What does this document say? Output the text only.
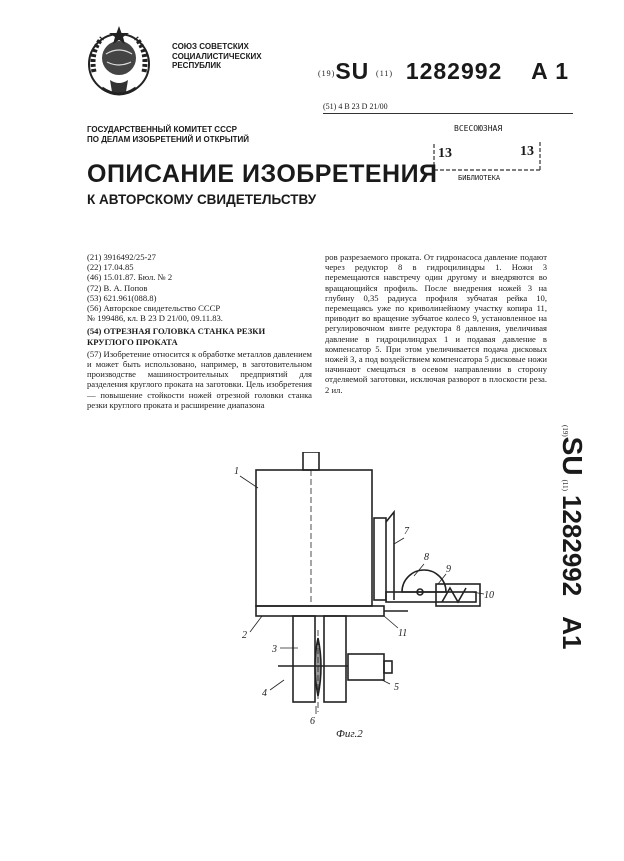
СОЮЗ СОВЕТСКИХ
СОЦИАЛИСТИЧЕСКИХ
РЕСПУБЛИК
(19)SU (11) 1282992 A 1
(51) 4 В 23 D 21/00
ГОСУДАРСТВЕННЫЙ КОМИТЕТ СССР
ПО ДЕЛАМ ИЗОБРЕТЕНИЙ И ОТКРЫТИЙ
ВСЕСОЮЗНАЯ
13	13
БИБЛИОТЕКА
ОПИСАНИЕ ИЗОБРЕТЕНИЯ
К АВТОРСКОМУ СВИДЕТЕЛЬСТВУ
(21) 3916492/25-27
(22) 17.04.85
(46) 15.01.87. Бюл. № 2
(72) В. А. Попов
(53) 621.961(088.8)
(56) Авторское свидетельство СССР
№ 199486, кл. В 23 D 21/00, 09.11.83.

(54) ОТРЕЗНАЯ ГОЛОВКА СТАНКА РЕЗКИ КРУГЛОГО ПРОКАТА

(57) Изобретение относится к обработке металлов давлением и может быть использовано, например, в заготовительном производстве машиностроительных предприятий для разделения круглого проката на заготовки. Цель изобретения — повышение стойкости ножей отрезной головки станка резки круглого проката и расширение диапазона

ров разрезаемого проката. От гидронасоса давление подают через редуктор 8 в гидроцилиндры 1. Ножи 3 перемещаются навстречу один другому и внедряются во вращающийся профиль. После внедрения ножей 3 на глубину 0,35 радиуса профиля зубчатая рейка 10, перемещаясь уже по криволинейному участку копира 11, приводит во вращение зубчатое колесо 9, установленное на регулировочном винте редуктора 8 давления, увеличивая давление в гидроцилиндрах 1 и подавая давление в компенсатор 5. При этом увеличивается подача дисковых ножей 3, а под воздействием компенсатора 5 дисковые ножи начинают смещаться в осевом направлении в сторону отделяемой заготовки, исключая разворот в плоскости реза. 2 ил.
(19)SU (11) 1282992 A1
1
2
3
4
5
6
7
8
9
10
11
Фиг.2
